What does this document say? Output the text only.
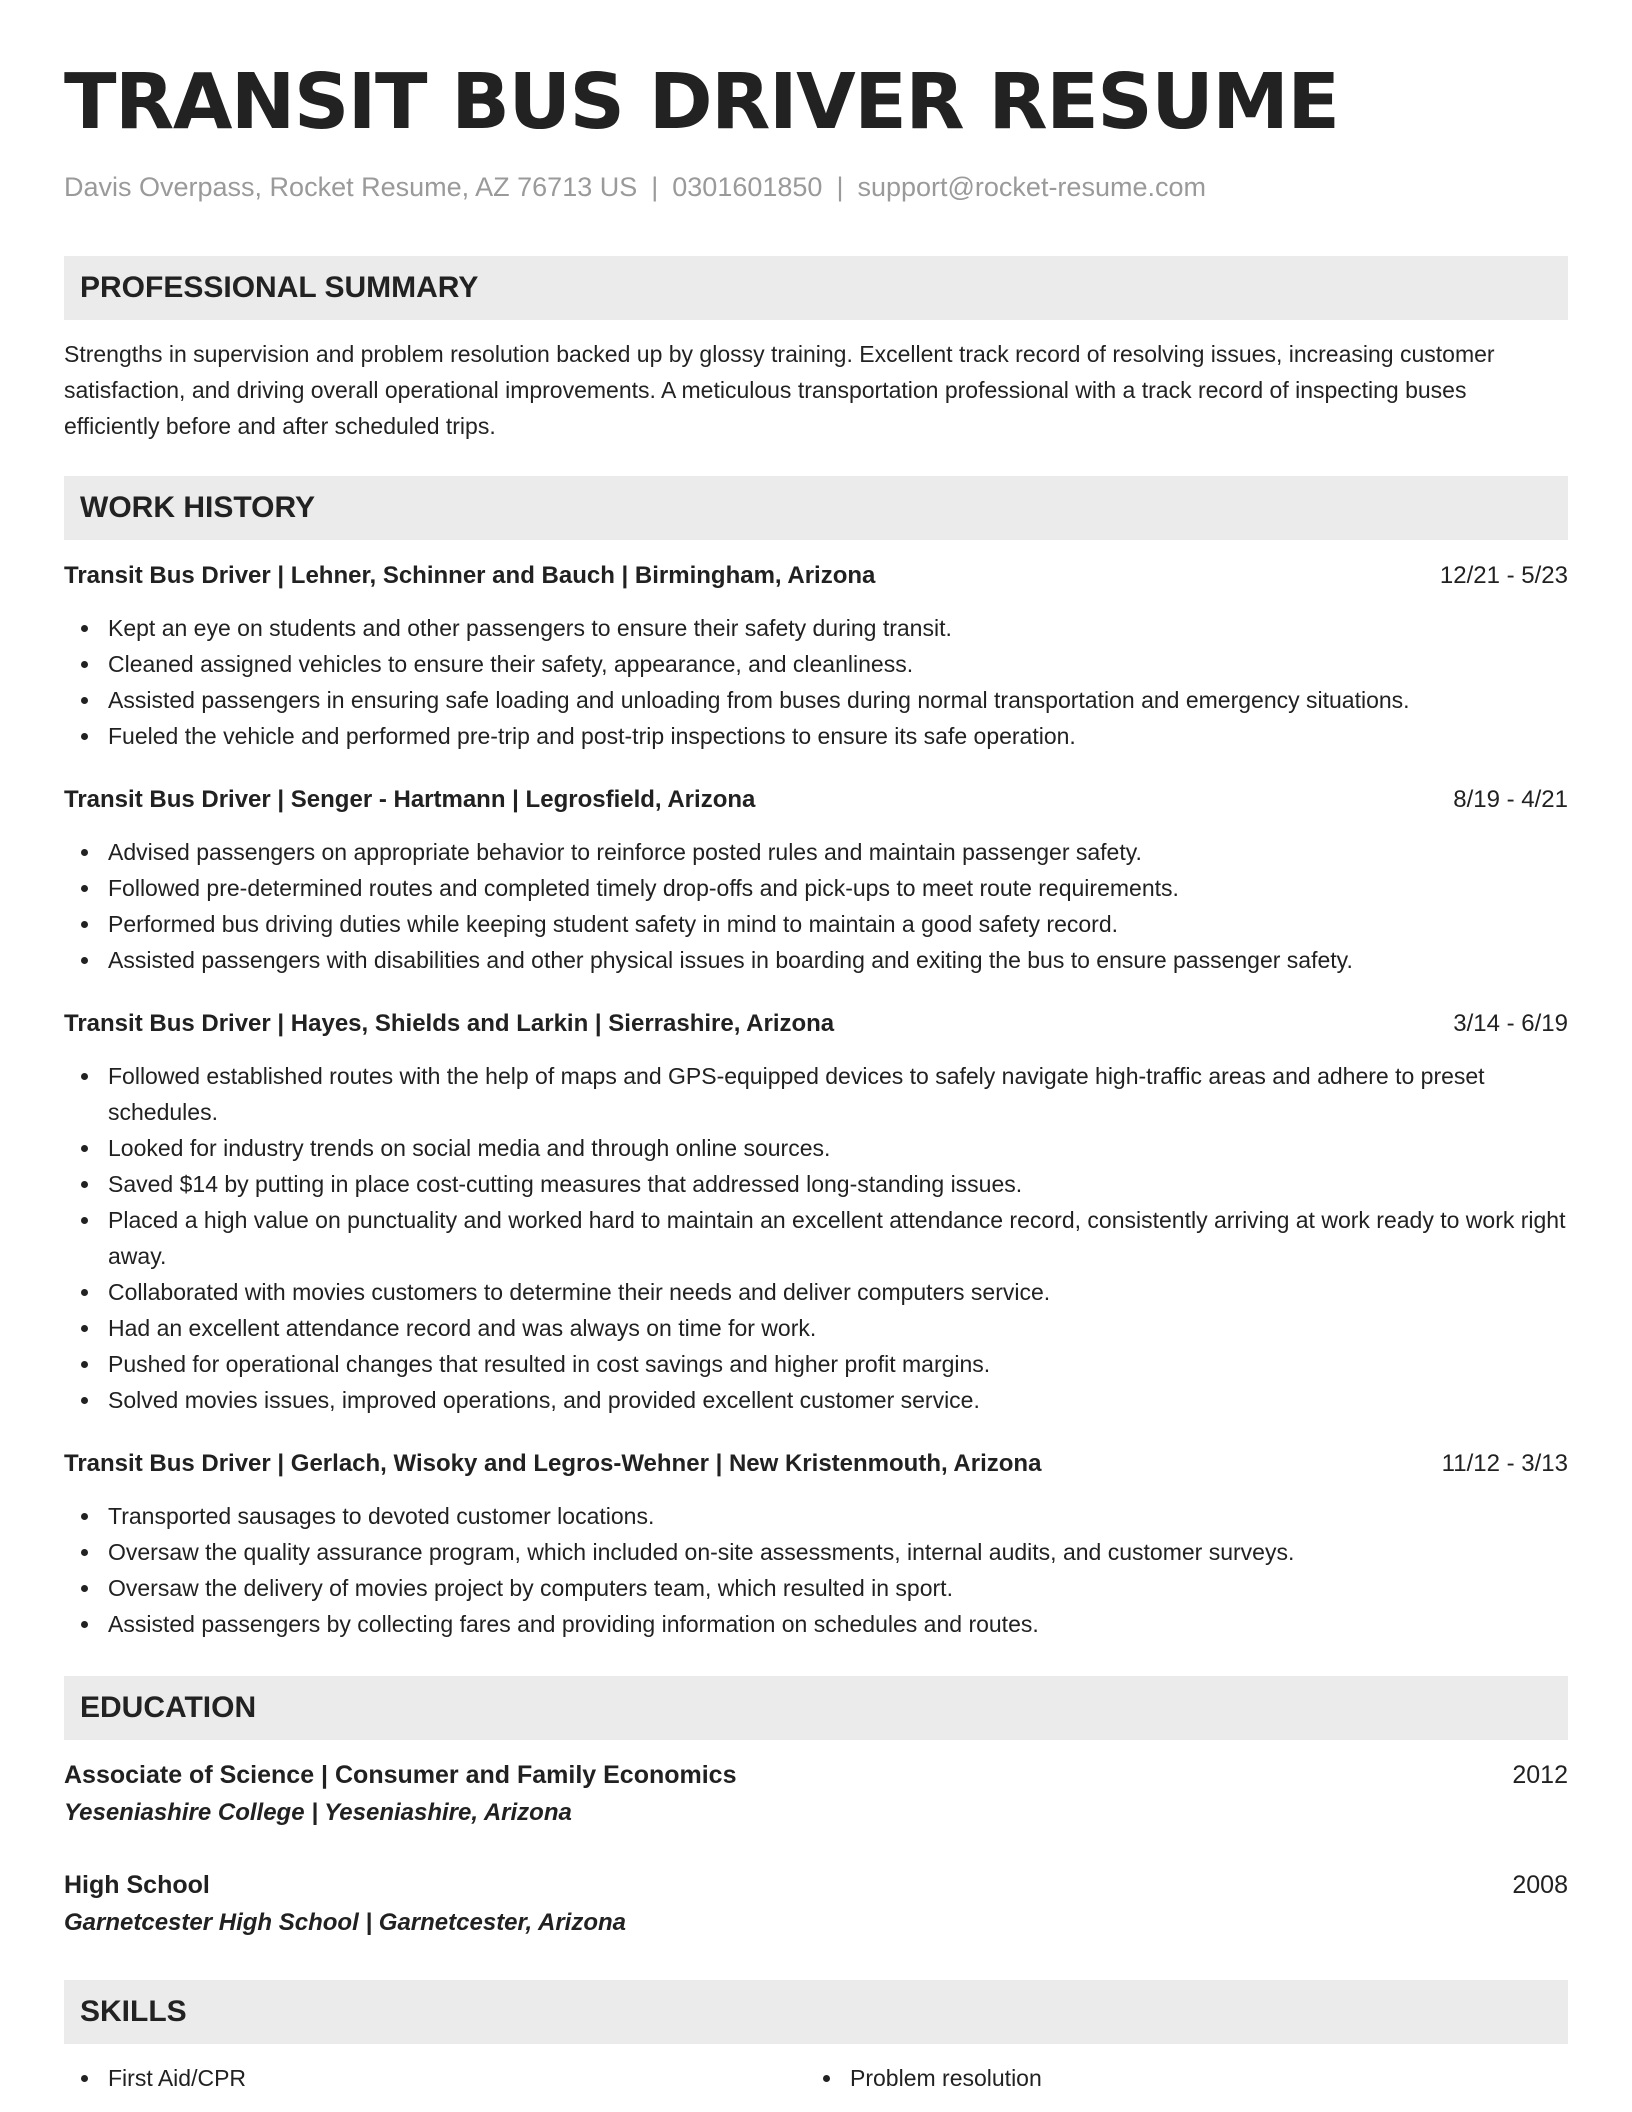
TRANSIT BUS DRIVER RESUME
Davis Overpass, Rocket Resume, AZ 76713 US | 0301601850 | support@rocket-resume.com
PROFESSIONAL SUMMARY
Strengths in supervision and problem resolution backed up by glossy training. Excellent track record of resolving issues, increasing customer satisfaction, and driving overall operational improvements. A meticulous transportation professional with a track record of inspecting buses efficiently before and after scheduled trips.
WORK HISTORY
Transit Bus Driver | Lehner, Schinner and Bauch | Birmingham, Arizona	12/21 - 5/23
Kept an eye on students and other passengers to ensure their safety during transit.
Cleaned assigned vehicles to ensure their safety, appearance, and cleanliness.
Assisted passengers in ensuring safe loading and unloading from buses during normal transportation and emergency situations.
Fueled the vehicle and performed pre-trip and post-trip inspections to ensure its safe operation.
Transit Bus Driver | Senger - Hartmann | Legrosfield, Arizona	8/19 - 4/21
Advised passengers on appropriate behavior to reinforce posted rules and maintain passenger safety.
Followed pre-determined routes and completed timely drop-offs and pick-ups to meet route requirements.
Performed bus driving duties while keeping student safety in mind to maintain a good safety record.
Assisted passengers with disabilities and other physical issues in boarding and exiting the bus to ensure passenger safety.
Transit Bus Driver | Hayes, Shields and Larkin | Sierrashire, Arizona	3/14 - 6/19
Followed established routes with the help of maps and GPS-equipped devices to safely navigate high-traffic areas and adhere to preset schedules.
Looked for industry trends on social media and through online sources.
Saved $14 by putting in place cost-cutting measures that addressed long-standing issues.
Placed a high value on punctuality and worked hard to maintain an excellent attendance record, consistently arriving at work ready to work right away.
Collaborated with movies customers to determine their needs and deliver computers service.
Had an excellent attendance record and was always on time for work.
Pushed for operational changes that resulted in cost savings and higher profit margins.
Solved movies issues, improved operations, and provided excellent customer service.
Transit Bus Driver | Gerlach, Wisoky and Legros-Wehner | New Kristenmouth, Arizona	11/12 - 3/13
Transported sausages to devoted customer locations.
Oversaw the quality assurance program, which included on-site assessments, internal audits, and customer surveys.
Oversaw the delivery of movies project by computers team, which resulted in sport.
Assisted passengers by collecting fares and providing information on schedules and routes.
EDUCATION
Associate of Science | Consumer and Family Economics	2012
Yeseniashire College | Yeseniashire, Arizona
High School	2008
Garnetcester High School | Garnetcester, Arizona
SKILLS
First Aid/CPR	Problem resolution
